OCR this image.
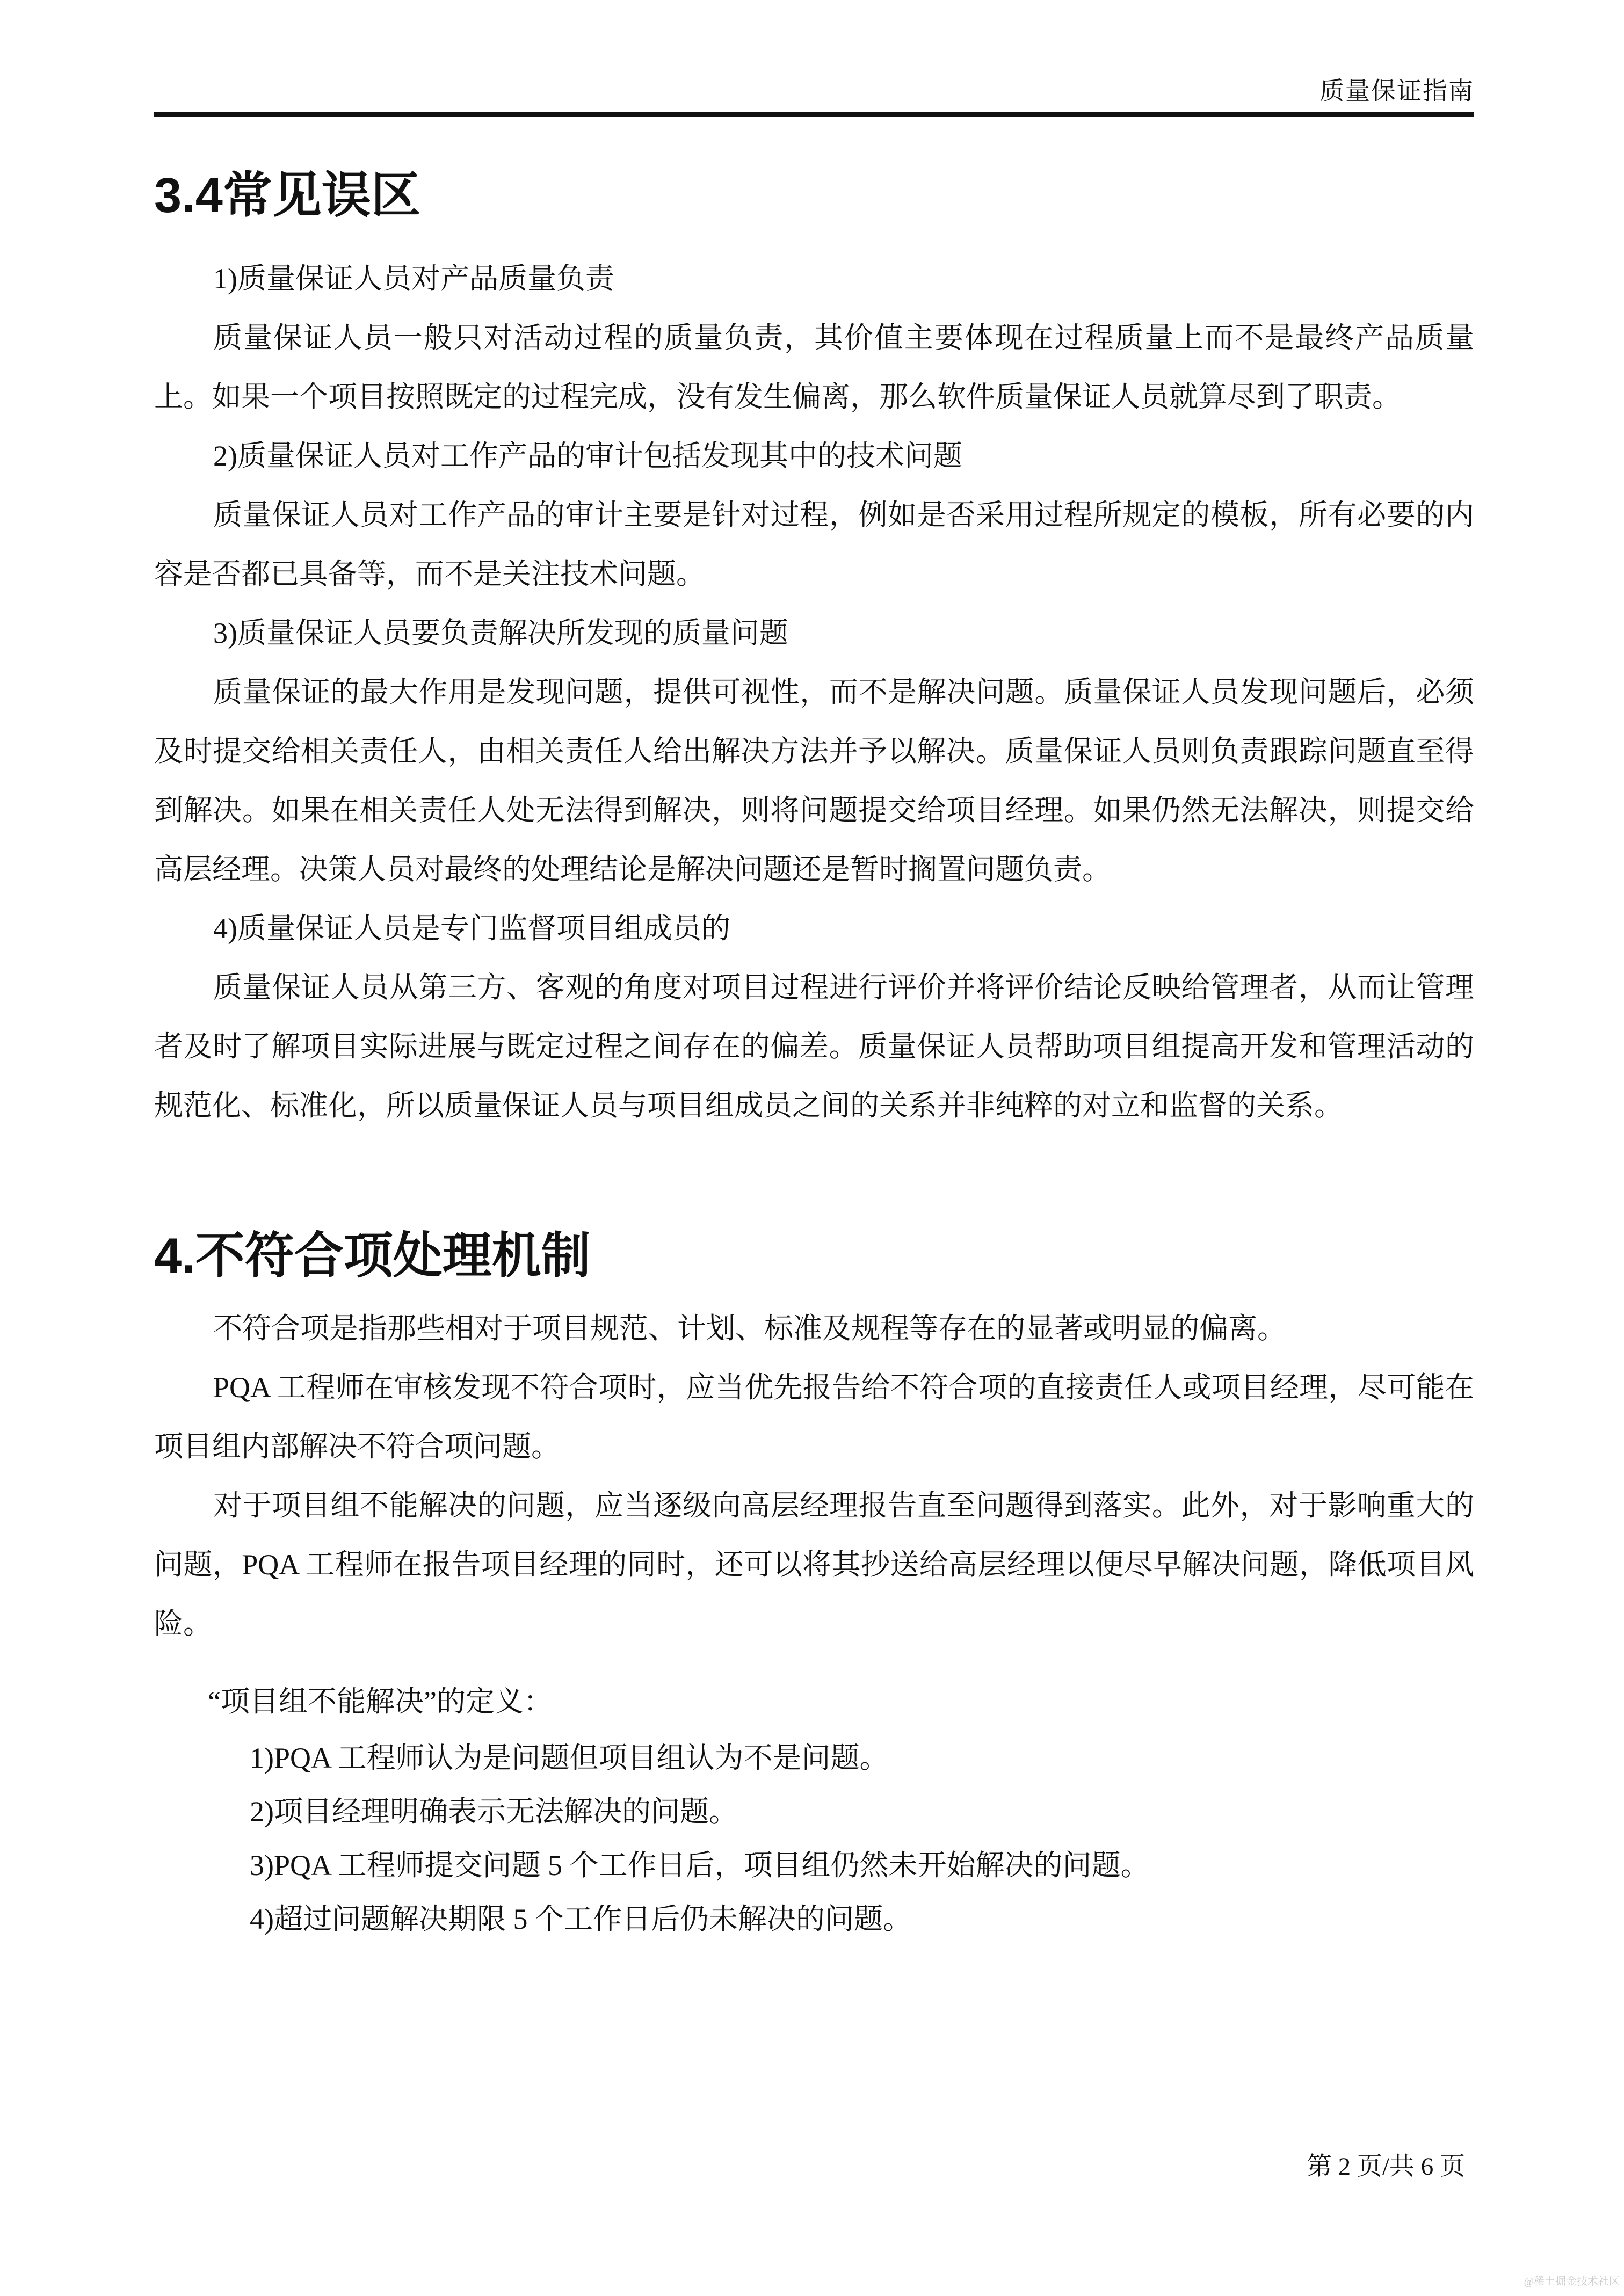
质量保证指南
3.4常见误区

1)质量保证人员对产品质量负责

质量保证人员一般只对活动过程的质量负责，其价值主要体现在过程质量上而不是最终产品质量上。如果一个项目按照既定的过程完成，没有发生偏离，那么软件质量保证人员就算尽到了职责。

2)质量保证人员对工作产品的审计包括发现其中的技术问题

质量保证人员对工作产品的审计主要是针对过程，例如是否采用过程所规定的模板，所有必要的内容是否都已具备等，而不是关注技术问题。

3)质量保证人员要负责解决所发现的质量问题

质量保证的最大作用是发现问题，提供可视性，而不是解决问题。质量保证人员发现问题后，必须及时提交给相关责任人，由相关责任人给出解决方法并予以解决。质量保证人员则负责跟踪问题直至得到解决。如果在相关责任人处无法得到解决，则将问题提交给项目经理。如果仍然无法解决，则提交给高层经理。决策人员对最终的处理结论是解决问题还是暂时搁置问题负责。

4)质量保证人员是专门监督项目组成员的

质量保证人员从第三方、客观的角度对项目过程进行评价并将评价结论反映给管理者，从而让管理者及时了解项目实际进展与既定过程之间存在的偏差。质量保证人员帮助项目组提高开发和管理活动的规范化、标准化，所以质量保证人员与项目组成员之间的关系并非纯粹的对立和监督的关系。

4.不符合项处理机制

不符合项是指那些相对于项目规范、计划、标准及规程等存在的显著或明显的偏离。

PQA 工程师在审核发现不符合项时，应当优先报告给不符合项的直接责任人或项目经理，尽可能在项目组内部解决不符合项问题。

对于项目组不能解决的问题，应当逐级向高层经理报告直至问题得到落实。此外，对于影响重大的问题，PQA 工程师在报告项目经理的同时，还可以将其抄送给高层经理以便尽早解决问题，降低项目风险。

“项目组不能解决”的定义：

1)PQA 工程师认为是问题但项目组认为不是问题。

2)项目经理明确表示无法解决的问题。

3)PQA 工程师提交问题 5 个工作日后，项目组仍然未开始解决的问题。

4)超过问题解决期限 5 个工作日后仍未解决的问题。

第 2 页/共 6 页
@稀土掘金技术社区
